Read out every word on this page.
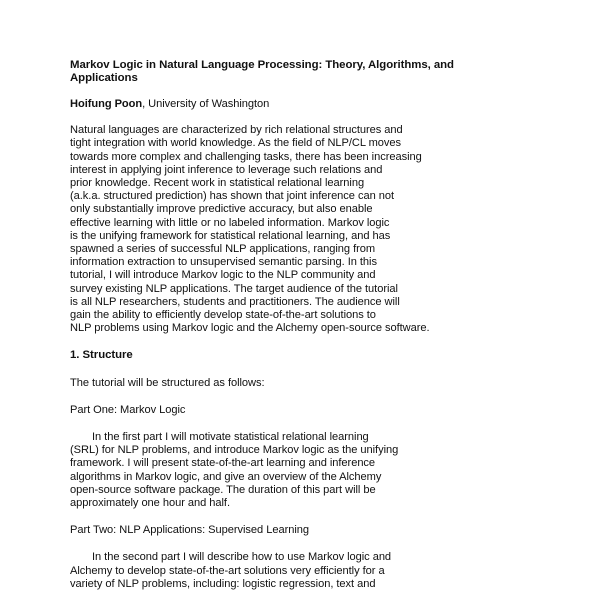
Markov Logic in Natural Language Processing: Theory, Algorithms, and
Applications
Hoifung Poon, University of Washington
Natural languages are characterized by rich relational structures and
tight integration with world knowledge. As the field of NLP/CL moves
towards more complex and challenging tasks, there has been increasing
interest in applying joint inference to leverage such relations and
prior knowledge. Recent work in statistical relational learning
(a.k.a. structured prediction) has shown that joint inference can not
only substantially improve predictive accuracy, but also enable
effective learning with little or no labeled information. Markov logic
is the unifying framework for statistical relational learning, and has
spawned a series of successful NLP applications, ranging from
information extraction to unsupervised semantic parsing. In this
tutorial, I will introduce Markov logic to the NLP community and
survey existing NLP applications. The target audience of the tutorial
is all NLP researchers, students and practitioners. The audience will
gain the ability to efficiently develop state-of-the-art solutions to
NLP problems using Markov logic and the Alchemy open-source software.
1. Structure
The tutorial will be structured as follows:
Part One: Markov Logic
In the first part I will motivate statistical relational learning
(SRL) for NLP problems, and introduce Markov logic as the unifying
framework. I will present state-of-the-art learning and inference
algorithms in Markov logic, and give an overview of the Alchemy
open-source software package. The duration of this part will be
approximately one hour and half.
Part Two: NLP Applications: Supervised Learning
In the second part I will describe how to use Markov logic and
Alchemy to develop state-of-the-art solutions very efficiently for a
variety of NLP problems, including: logistic regression, text and
